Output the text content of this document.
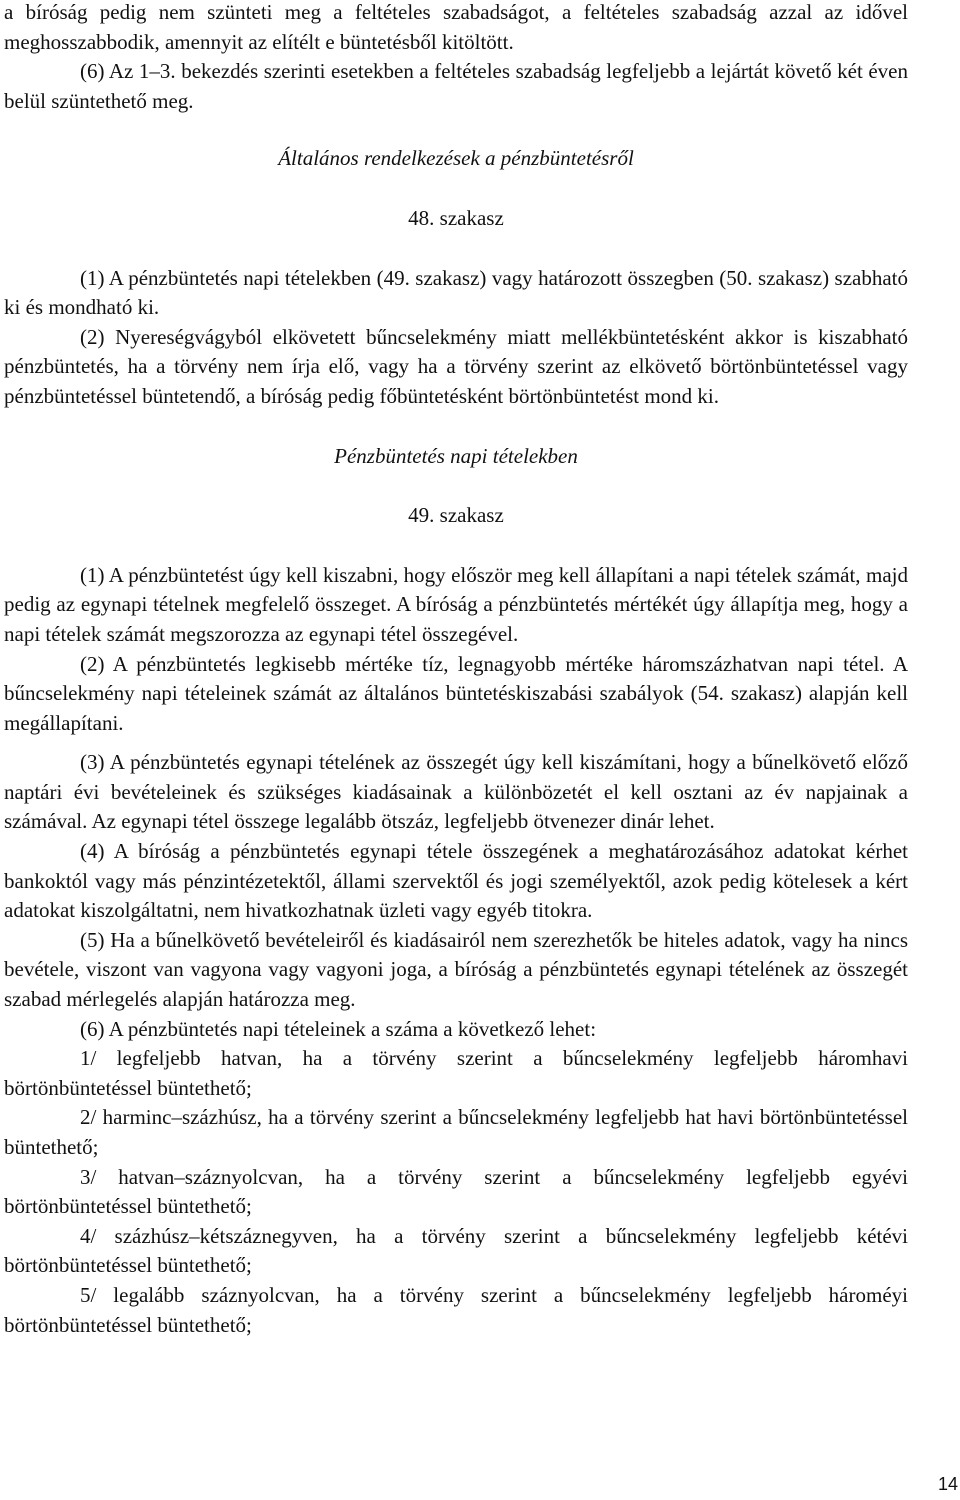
a bíróság pedig nem szünteti meg a feltételes szabadságot, a feltételes szabadság azzal az idővel meghosszabbodik, amennyit az elítélt e büntetésből kitöltött.

(6) Az 1–3. bekezdés szerinti esetekben a feltételes szabadság legfeljebb a lejártát követő két éven belül szüntethető meg.

Általános rendelkezések a pénzbüntetésről

48. szakasz

(1) A pénzbüntetés napi tételekben (49. szakasz) vagy határozott összegben (50. szakasz) szabható ki és mondható ki.

(2) Nyereségvágyból elkövetett bűncselekmény miatt mellékbüntetésként akkor is kiszabható pénzbüntetés, ha a törvény nem írja elő, vagy ha a törvény szerint az elkövető börtönbüntetéssel vagy pénzbüntetéssel büntetendő, a bíróság pedig főbüntetésként börtönbüntetést mond ki.

Pénzbüntetés napi tételekben

49. szakasz

(1) A pénzbüntetést úgy kell kiszabni, hogy először meg kell állapítani a napi tételek számát, majd pedig az egynapi tételnek megfelelő összeget. A bíróság a pénzbüntetés mértékét úgy állapítja meg, hogy a napi tételek számát megszorozza az egynapi tétel összegével.

(2) A pénzbüntetés legkisebb mértéke tíz, legnagyobb mértéke háromszázhatvan napi tétel. A bűncselekmény napi tételeinek számát az általános büntetéskiszabási szabályok (54. szakasz) alapján kell megállapítani.

(3) A pénzbüntetés egynapi tételének az összegét úgy kell kiszámítani, hogy a bűnelkövető előző naptári évi bevételeinek és szükséges kiadásainak a különbözetét el kell osztani az év napjainak a számával. Az egynapi tétel összege legalább ötszáz, legfeljebb ötvenezer dinár lehet.

(4) A bíróság a pénzbüntetés egynapi tétele összegének a meghatározásához adatokat kérhet bankoktól vagy más pénzintézetektől, állami szervektől és jogi személyektől, azok pedig kötelesek a kért adatokat kiszolgáltatni, nem hivatkozhatnak üzleti vagy egyéb titokra.

(5) Ha a bűnelkövető bevételeiről és kiadásairól nem szerezhetők be hiteles adatok, vagy ha nincs bevétele, viszont van vagyona vagy vagyoni joga, a bíróság a pénzbüntetés egynapi tételének az összegét szabad mérlegelés alapján határozza meg.

(6) A pénzbüntetés napi tételeinek a száma a következő lehet:

1/ legfeljebb hatvan, ha a törvény szerint a bűncselekmény legfeljebb háromhavi börtönbüntetéssel büntethető;

2/ harminc–százhúsz, ha a törvény szerint a bűncselekmény legfeljebb hat havi börtönbüntetéssel büntethető;

3/ hatvan–száznyolcvan, ha a törvény szerint a bűncselekmény legfeljebb egyévi börtönbüntetéssel büntethető;

4/ százhúsz–kétszáznegyven, ha a törvény szerint a bűncselekmény legfeljebb kétévi börtönbüntetéssel büntethető;

5/ legalább száznyolcvan, ha a törvény szerint a bűncselekmény legfeljebb hároméyi börtönbüntetéssel büntethető;

14
